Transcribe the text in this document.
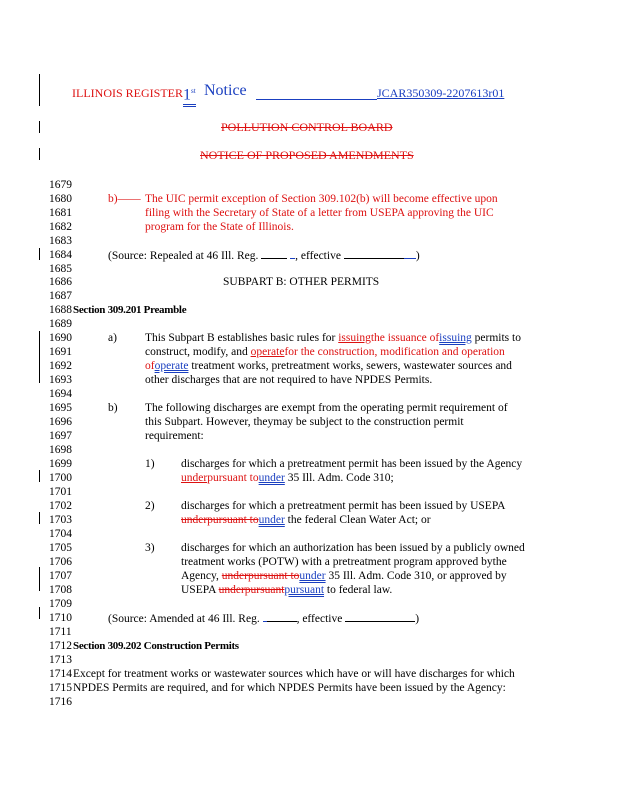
ILLINOIS REGISTER 1st Notice	JCAR350309-2207613r01
POLLUTION CONTROL BOARD
NOTICE OF PROPOSED AMENDMENTS
1679
1680
1681
1682
1683
1684
1685
1686
1687
1688
1689
1690
1691
1692
1693
1694
1695
1696
1697
1698
1699
1700
1701
1702
1703
1704
1705
1706
1707
1708
1709
1710
1711
1712
1713
1714
1715
1716
b)—— The UIC permit exception of Section 309.102(b) will become effective upon
filing with the Secretary of State of a letter from USEPA approving the UIC
program for the State of Illinois.
(Source: Repealed at 46 Ill. Reg.	, effective	)
SUBPART B: OTHER PERMITS
Section 309.201 Preamble
a) This Subpart B establishes basic rules for issuingthe issuance ofissuing permits to
construct, modify, and operatefor the construction, modification and operation
ofoperate treatment works, pretreatment works, sewers, wastewater sources and
other discharges that are not required to have NPDES Permits.
b) The following discharges are exempt from the operating permit requirement of
this Subpart. However, theymay be subject to the construction permit
requirement:
1) discharges for which a pretreatment permit has been issued by the Agency
underpursuant tounder 35 Ill. Adm. Code 310;
2) discharges for which a pretreatment permit has been issued by USEPA
underpursuant tounder the federal Clean Water Act; or
3) discharges for which an authorization has been issued by a publicly owned
treatment works (POTW) with a pretreatment program approved bythe
Agency, underpursuant tounder 35 Ill. Adm. Code 310, or approved by
USEPA underpursuantpursuant to federal law.
(Source: Amended at 46 Ill. Reg.	, effective	)
Section 309.202 Construction Permits
Except for treatment works or wastewater sources which have or will have discharges for which
NPDES Permits are required, and for which NPDES Permits have been issued by the Agency:
